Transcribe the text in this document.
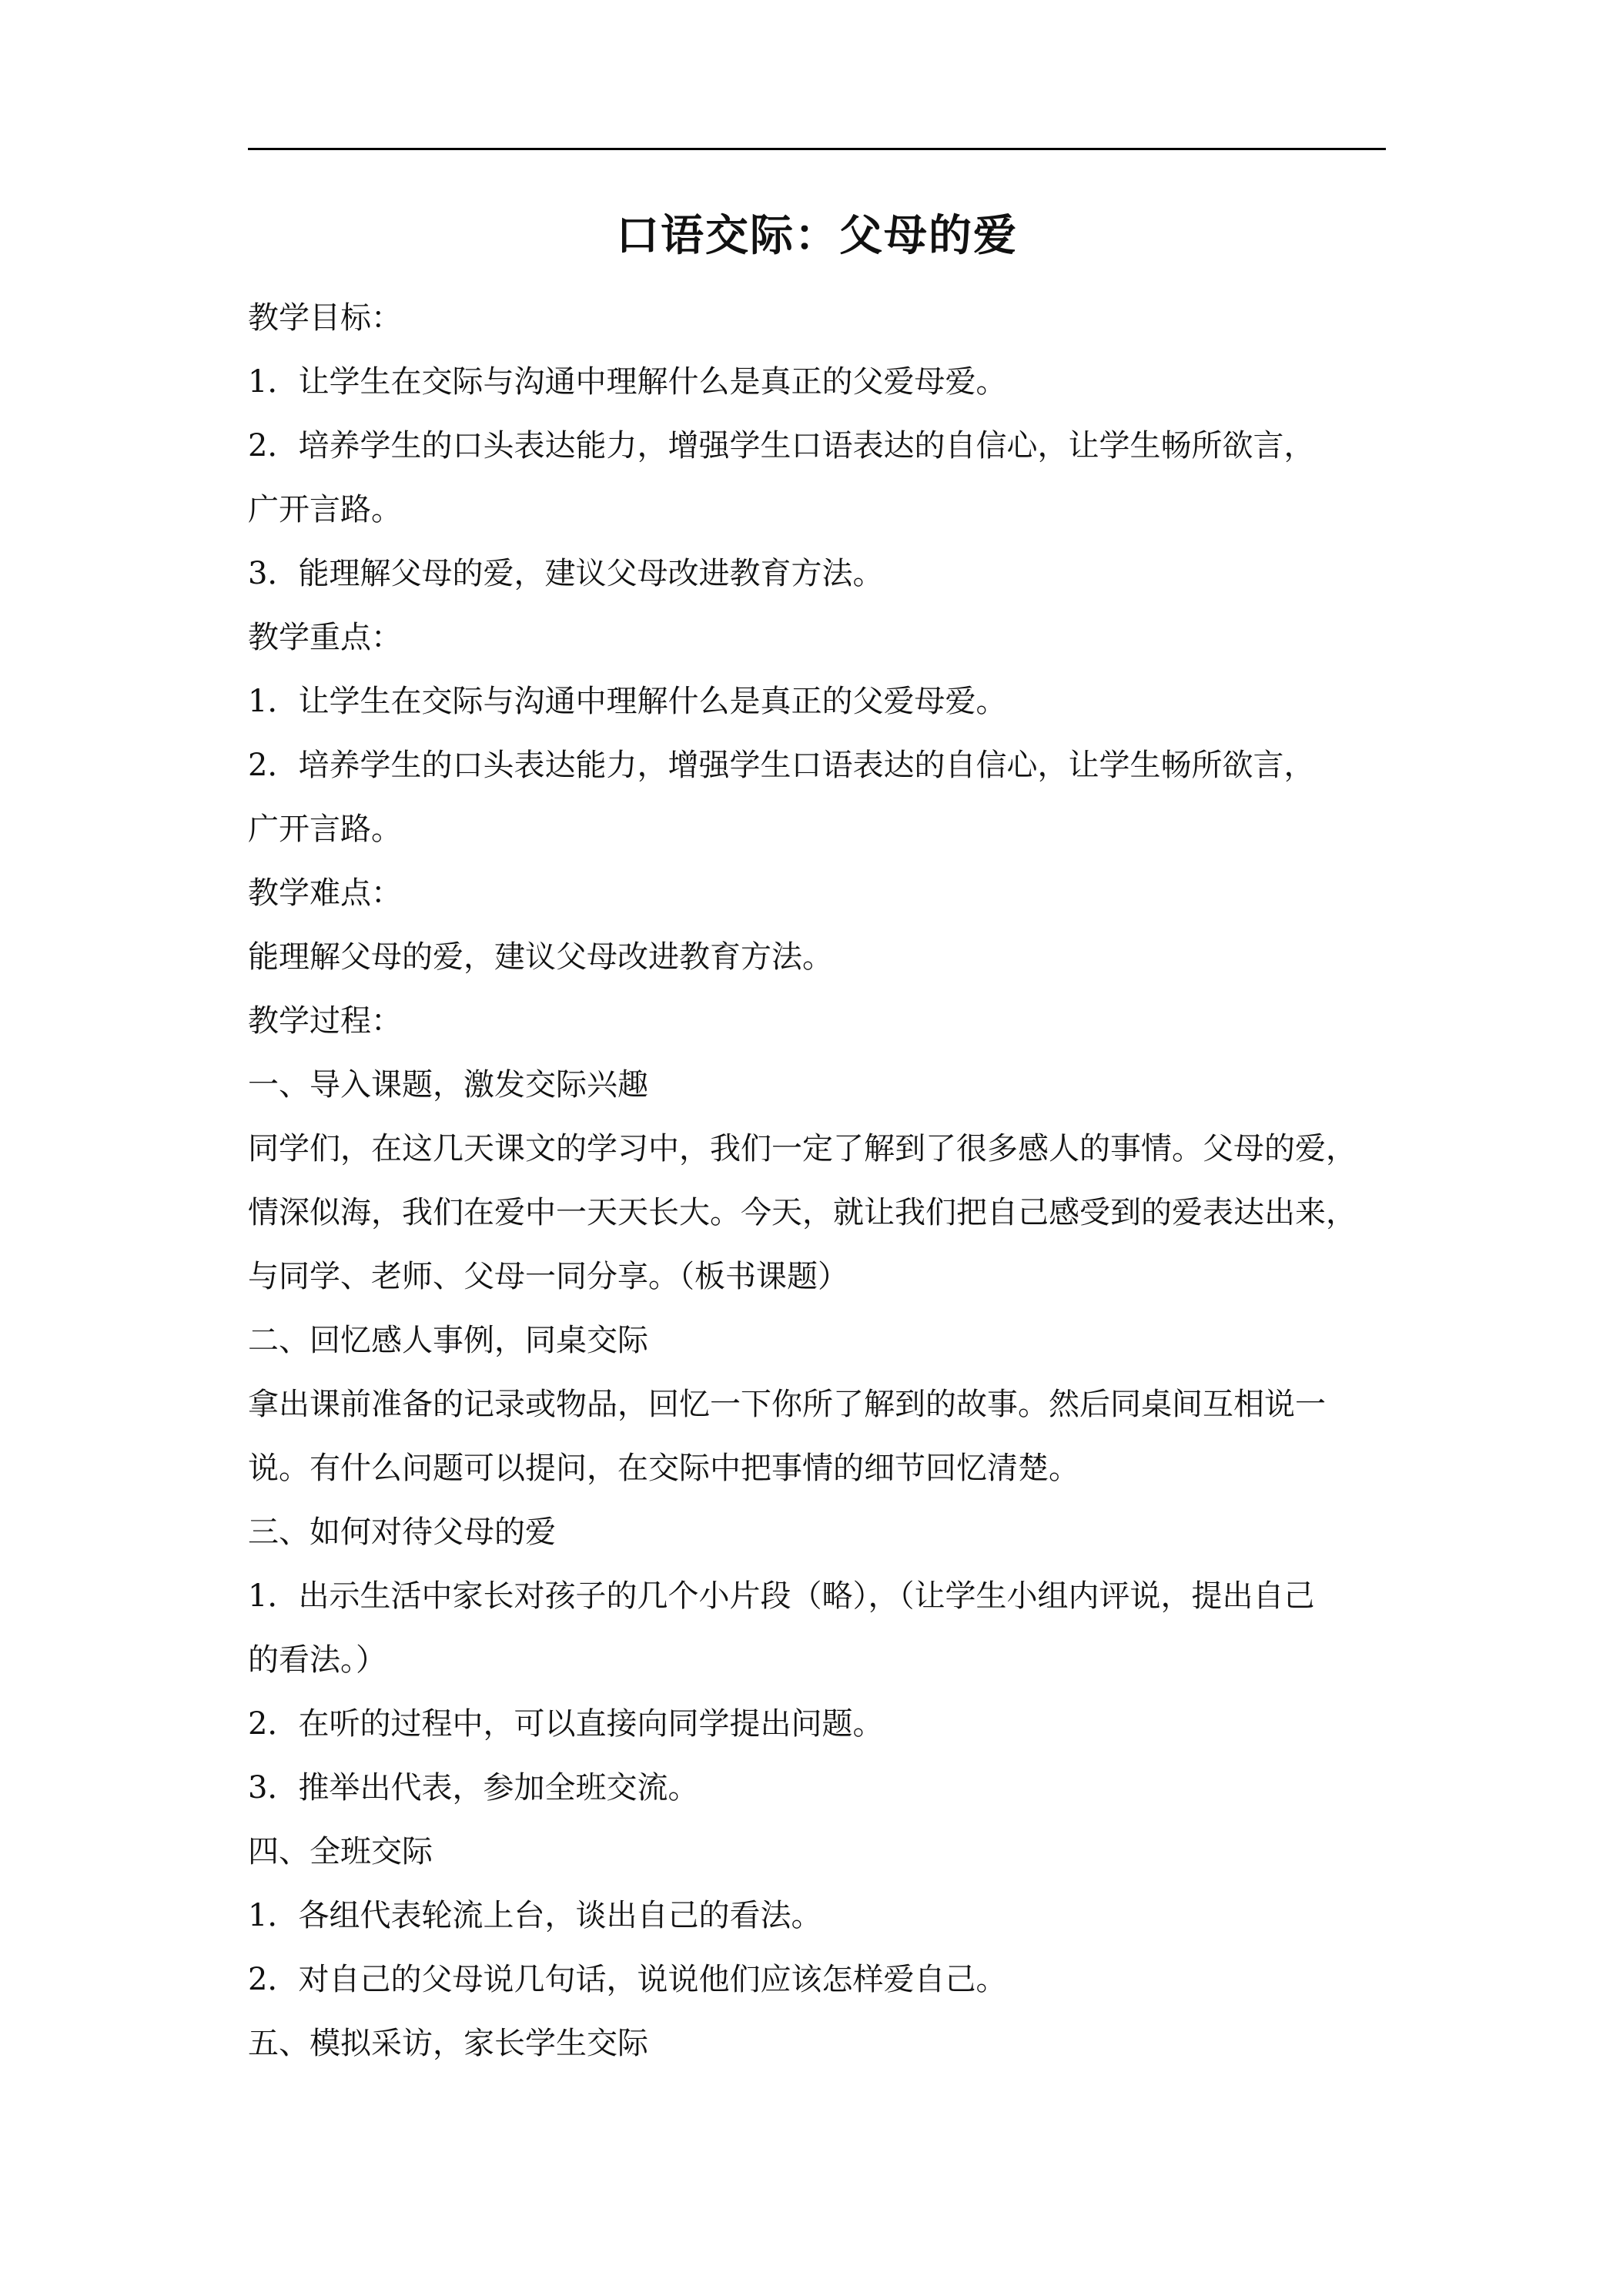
口语交际：父母的爱
教学目标：
1．让学生在交际与沟通中理解什么是真正的父爱母爱。
2．培养学生的口头表达能力，增强学生口语表达的自信心，让学生畅所欲言，
广开言路。
3．能理解父母的爱，建议父母改进教育方法。
教学重点：
1．让学生在交际与沟通中理解什么是真正的父爱母爱。
2．培养学生的口头表达能力，增强学生口语表达的自信心，让学生畅所欲言，
广开言路。
教学难点：
能理解父母的爱，建议父母改进教育方法。
教学过程：
一、导入课题，激发交际兴趣
同学们，在这几天课文的学习中，我们一定了解到了很多感人的事情。父母的爱，
情深似海，我们在爱中一天天长大。今天，就让我们把自己感受到的爱表达出来，
与同学、老师、父母一同分享。（板书课题）
二、回忆感人事例，同桌交际
拿出课前准备的记录或物品，回忆一下你所了解到的故事。然后同桌间互相说一
说。有什么问题可以提问，在交际中把事情的细节回忆清楚。
三、如何对待父母的爱
1．出示生活中家长对孩子的几个小片段（略），（让学生小组内评说，提出自己
的看法。）
2．在听的过程中，可以直接向同学提出问题。
3．推举出代表，参加全班交流。
四、全班交际
1．各组代表轮流上台，谈出自己的看法。
2．对自己的父母说几句话，说说他们应该怎样爱自己。
五、模拟采访，家长学生交际
